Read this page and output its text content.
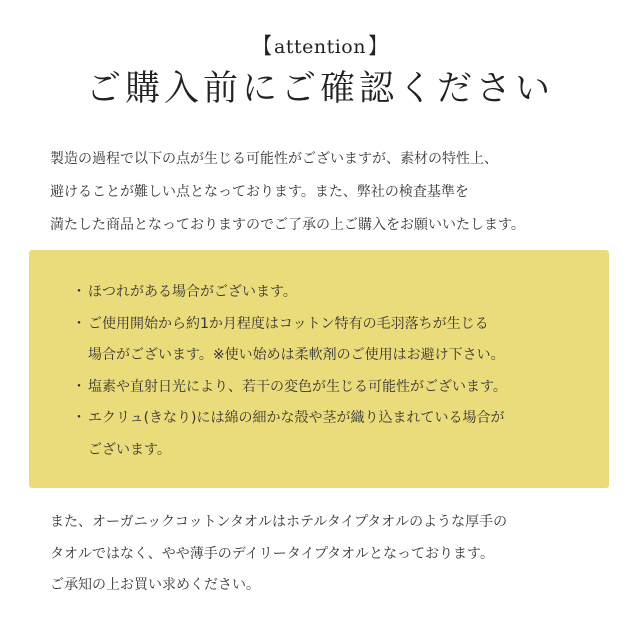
【 attention 】
ご購入前にご確認ください

製造の過程で以下の点が生じる可能性がございますが、素材の特性上、

避けることが難しい点となっております。また、弊社の検査基準を

満たした商品となっておりますのでご了承の上ご購入をお願いいたします。

・ ほつれがある場合がございます。

・ ご使用開始から約1か月程度はコットン特有の毛羽落ちが生じる

場合がございます。※使い始めは柔軟剤のご使用はお避け下さい。

・ 塩素や直射日光により、若干の変色が生じる可能性がございます。

・ エクリュ(きなり)には綿の細かな殻や茎が織り込まれている場合が

ございます。

また、オーガニックコットンタオルはホテルタイプタオルのような厚手の

タオルではなく、やや薄手のデイリータイプタオルとなっております。

ご承知の上お買い求めください。
